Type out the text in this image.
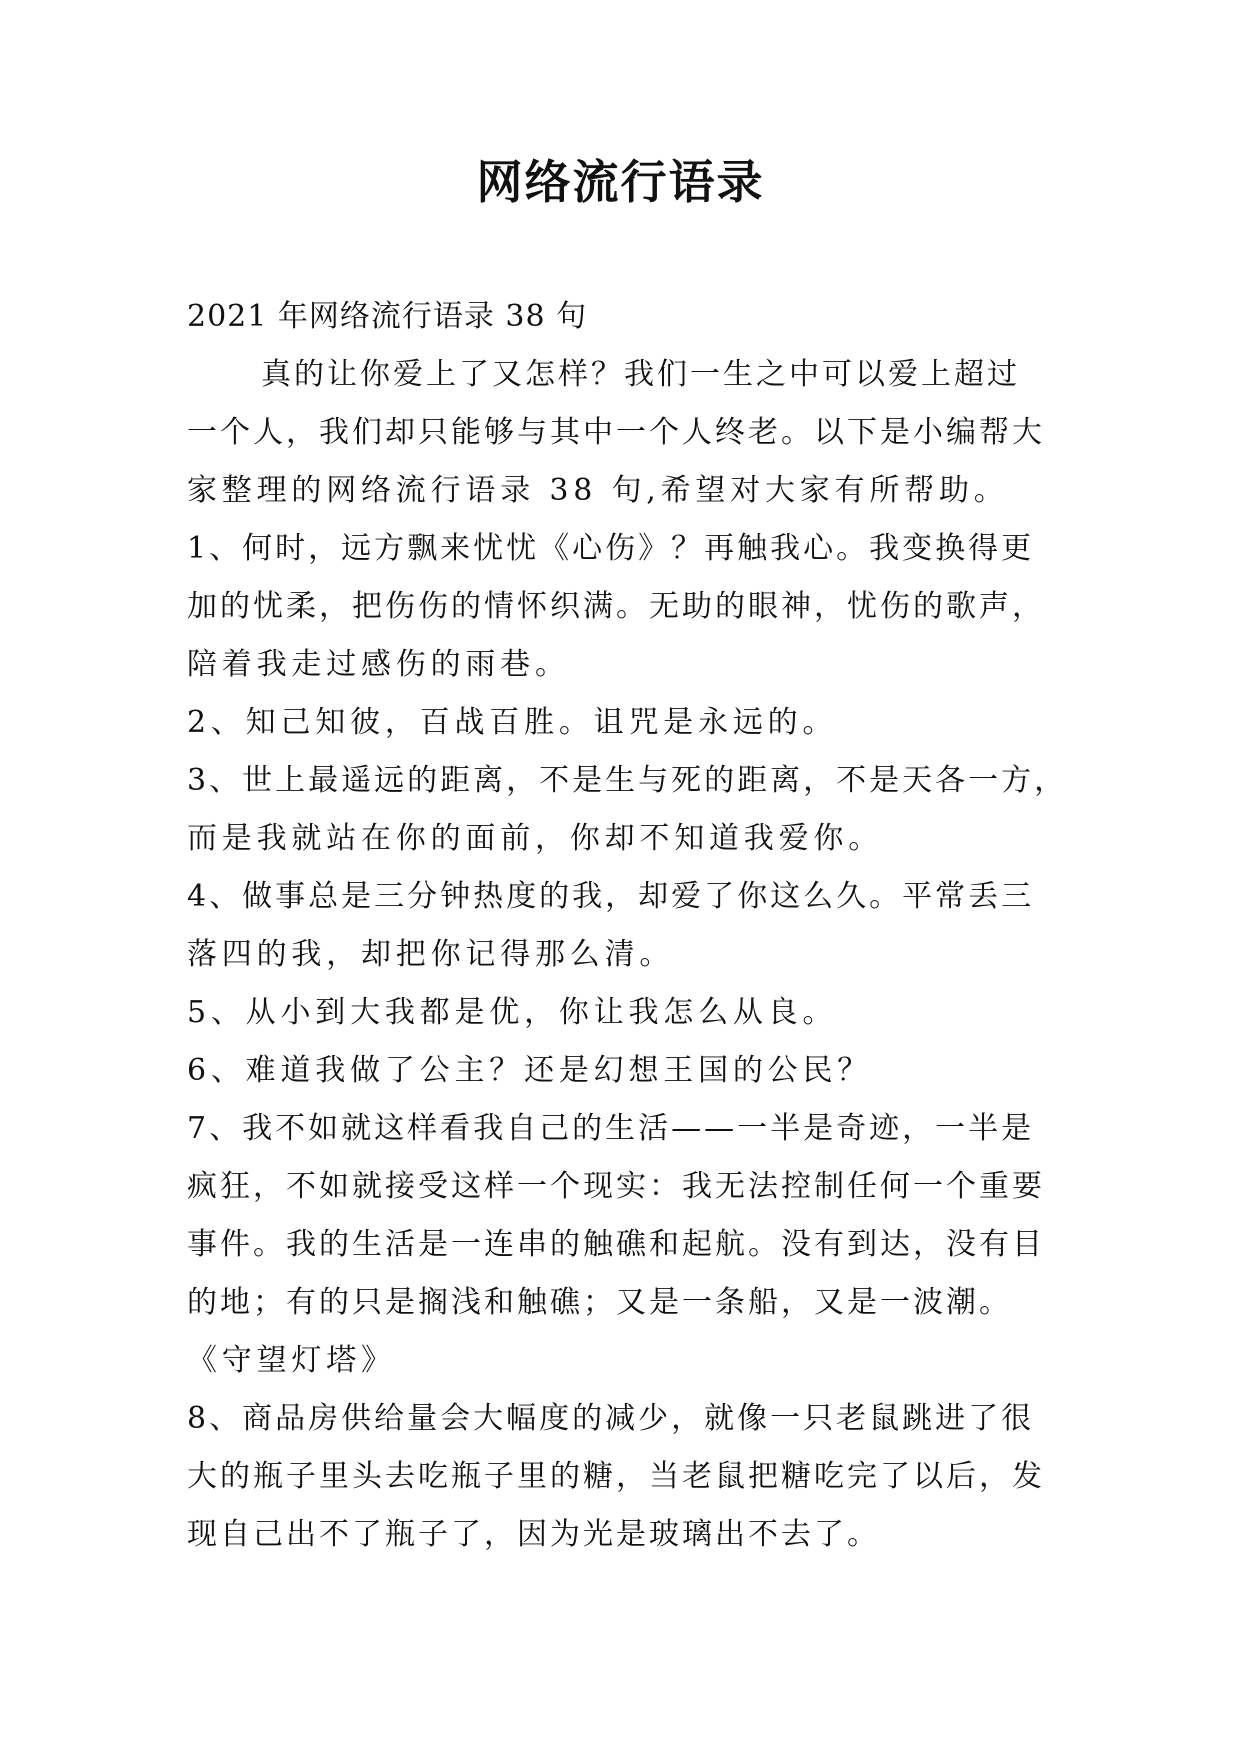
网络流行语录
2021 年网络流行语录 38 句
真的让你爱上了又怎样？我们一生之中可以爱上超过
一个人，我们却只能够与其中一个人终老。以下是小编帮大
家整理的网络流行语录 38 句,希望对大家有所帮助。
1、何时，远方飘来忧忧《心伤》？再触我心。我变换得更
加的忧柔，把伤伤的情怀织满。无助的眼神，忧伤的歌声，
陪着我走过感伤的雨巷。
2、知己知彼，百战百胜。诅咒是永远的。
3、世上最遥远的距离，不是生与死的距离，不是天各一方，
而是我就站在你的面前，你却不知道我爱你。
4、做事总是三分钟热度的我，却爱了你这么久。平常丢三
落四的我，却把你记得那么清。
5、从小到大我都是优，你让我怎么从良。
6、难道我做了公主？还是幻想王国的公民？
7、我不如就这样看我自己的生活——一半是奇迹，一半是
疯狂，不如就接受这样一个现实：我无法控制任何一个重要
事件。我的生活是一连串的触礁和起航。没有到达，没有目
的地；有的只是搁浅和触礁；又是一条船，又是一波潮。
《守望灯塔》
8、商品房供给量会大幅度的减少，就像一只老鼠跳进了很
大的瓶子里头去吃瓶子里的糖，当老鼠把糖吃完了以后，发
现自己出不了瓶子了，因为光是玻璃出不去了。
